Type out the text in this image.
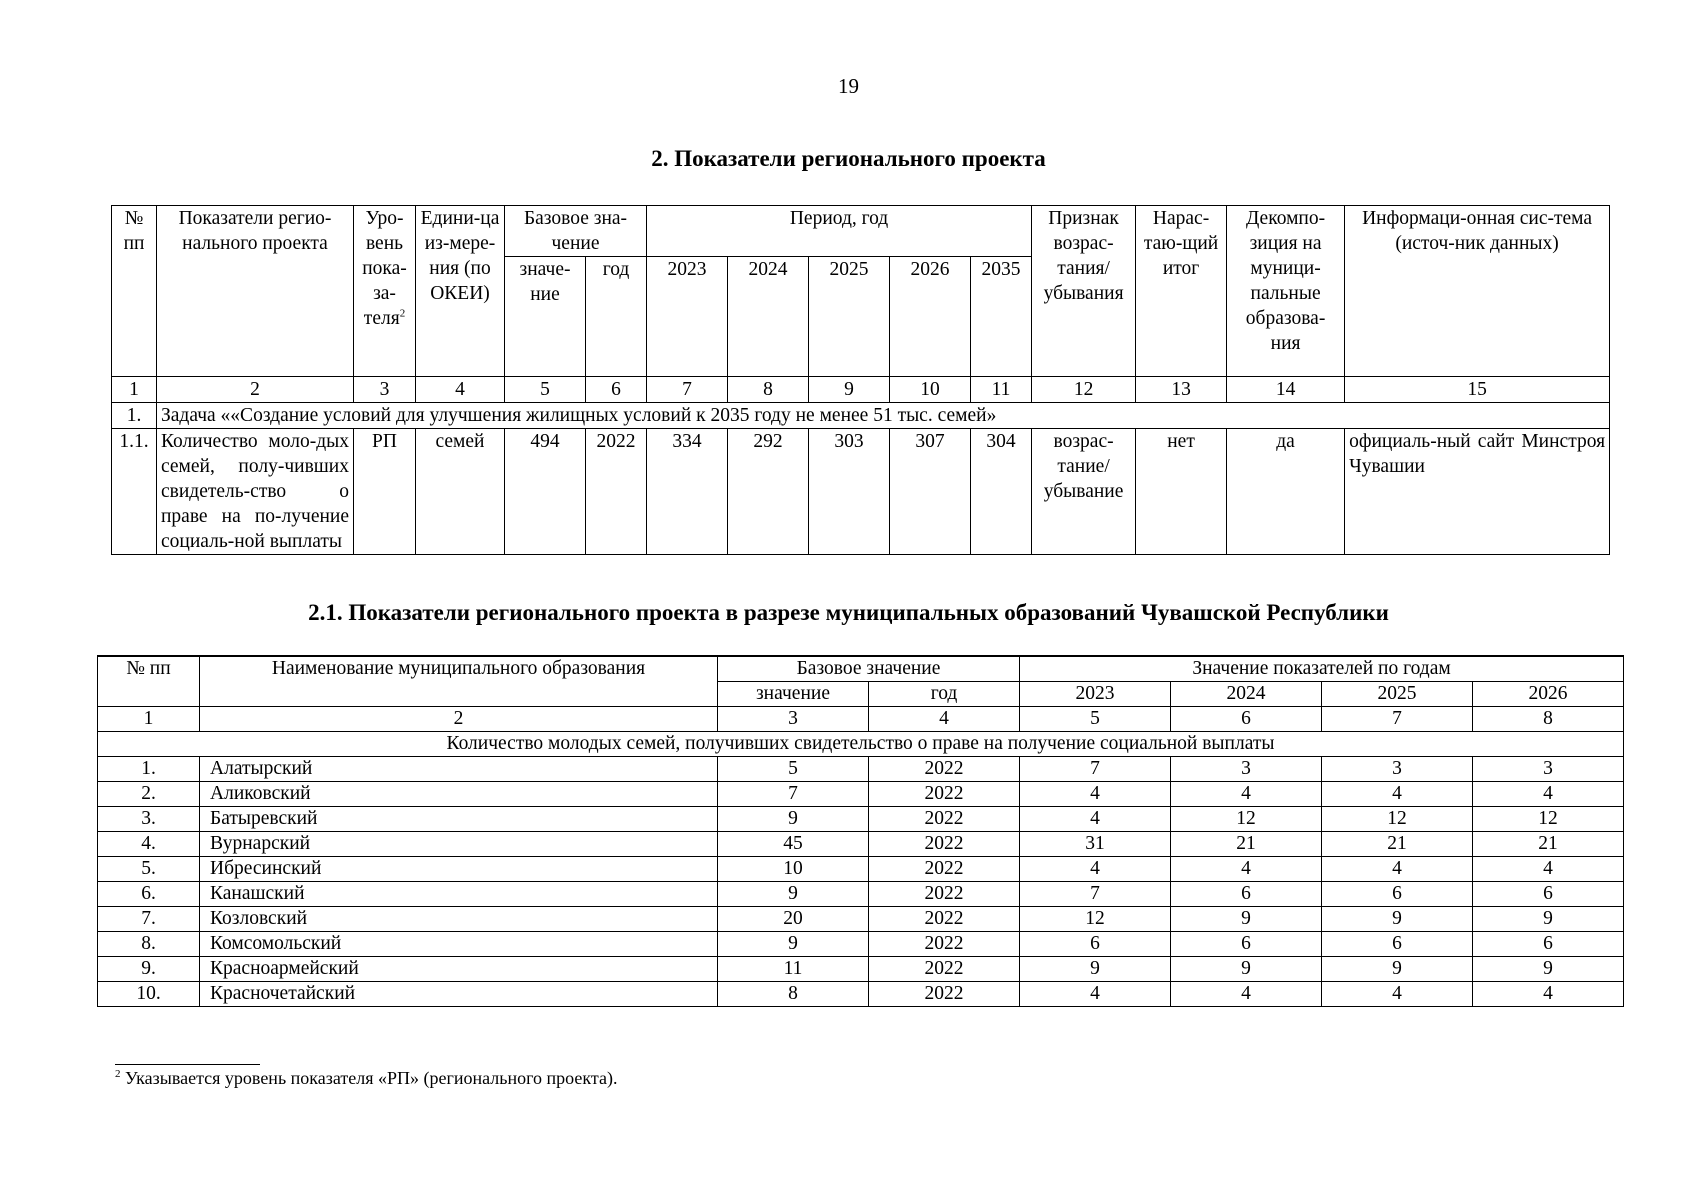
19
2. Показатели регионального проекта
№ пп	Показатели регио-нального проекта	Уро-вень пока-за-теля$^2$	Едини-ца из-мере-ния (по ОКЕИ)	Базовое зна-чение		Период, год					Признак возрас-тания/ убывания	Нарас-таю-щий итог	Декомпо-зиция на муници-пальные образова-ния	Информаци-онная сис-тема (источ-ник данных)
				значе-ние	год	2023	2024	2025	2026	2035				
1	2	3	4	5	6	7	8	9	10	11	12	13	14	15
1.	Задача ««Создание условий для улучшения жилищных условий к 2035 году не менее 51 тыс. семей»													
1.1.	Количество моло-дых семей, полу-чивших свидетель-ство о праве на по-лучение социаль-ной выплаты	РП	семей	494	2022	334	292	303	307	304	возрас-тание/ убывание	нет	да	официаль-ный сайт Минстроя Чувашии
2.1. Показатели регионального проекта в разрезе муниципальных образований Чувашской Республики
№ пп	Наименование муниципального образования	Базовое значение		Значение показателей по годам			
		значение	год	2023	2024	2025	2026
1	2	3	4	5	6	7	8
Количество молодых семей, получивших свидетельство о праве на получение социальной выплаты							
1.	Алатырский	5	2022	7	3	3	3
2.	Аликовский	7	2022	4	4	4	4
3.	Батыревский	9	2022	4	12	12	12
4.	Вурнарский	45	2022	31	21	21	21
5.	Ибресинский	10	2022	4	4	4	4
6.	Канашский	9	2022	7	6	6	6
7.	Козловский	20	2022	12	9	9	9
8.	Комсомольский	9	2022	6	6	6	6
9.	Красноармейский	11	2022	9	9	9	9
10.	Красночетайский	8	2022	4	4	4	4
$^2$ Указывается уровень показателя «РП» (регионального проекта).
